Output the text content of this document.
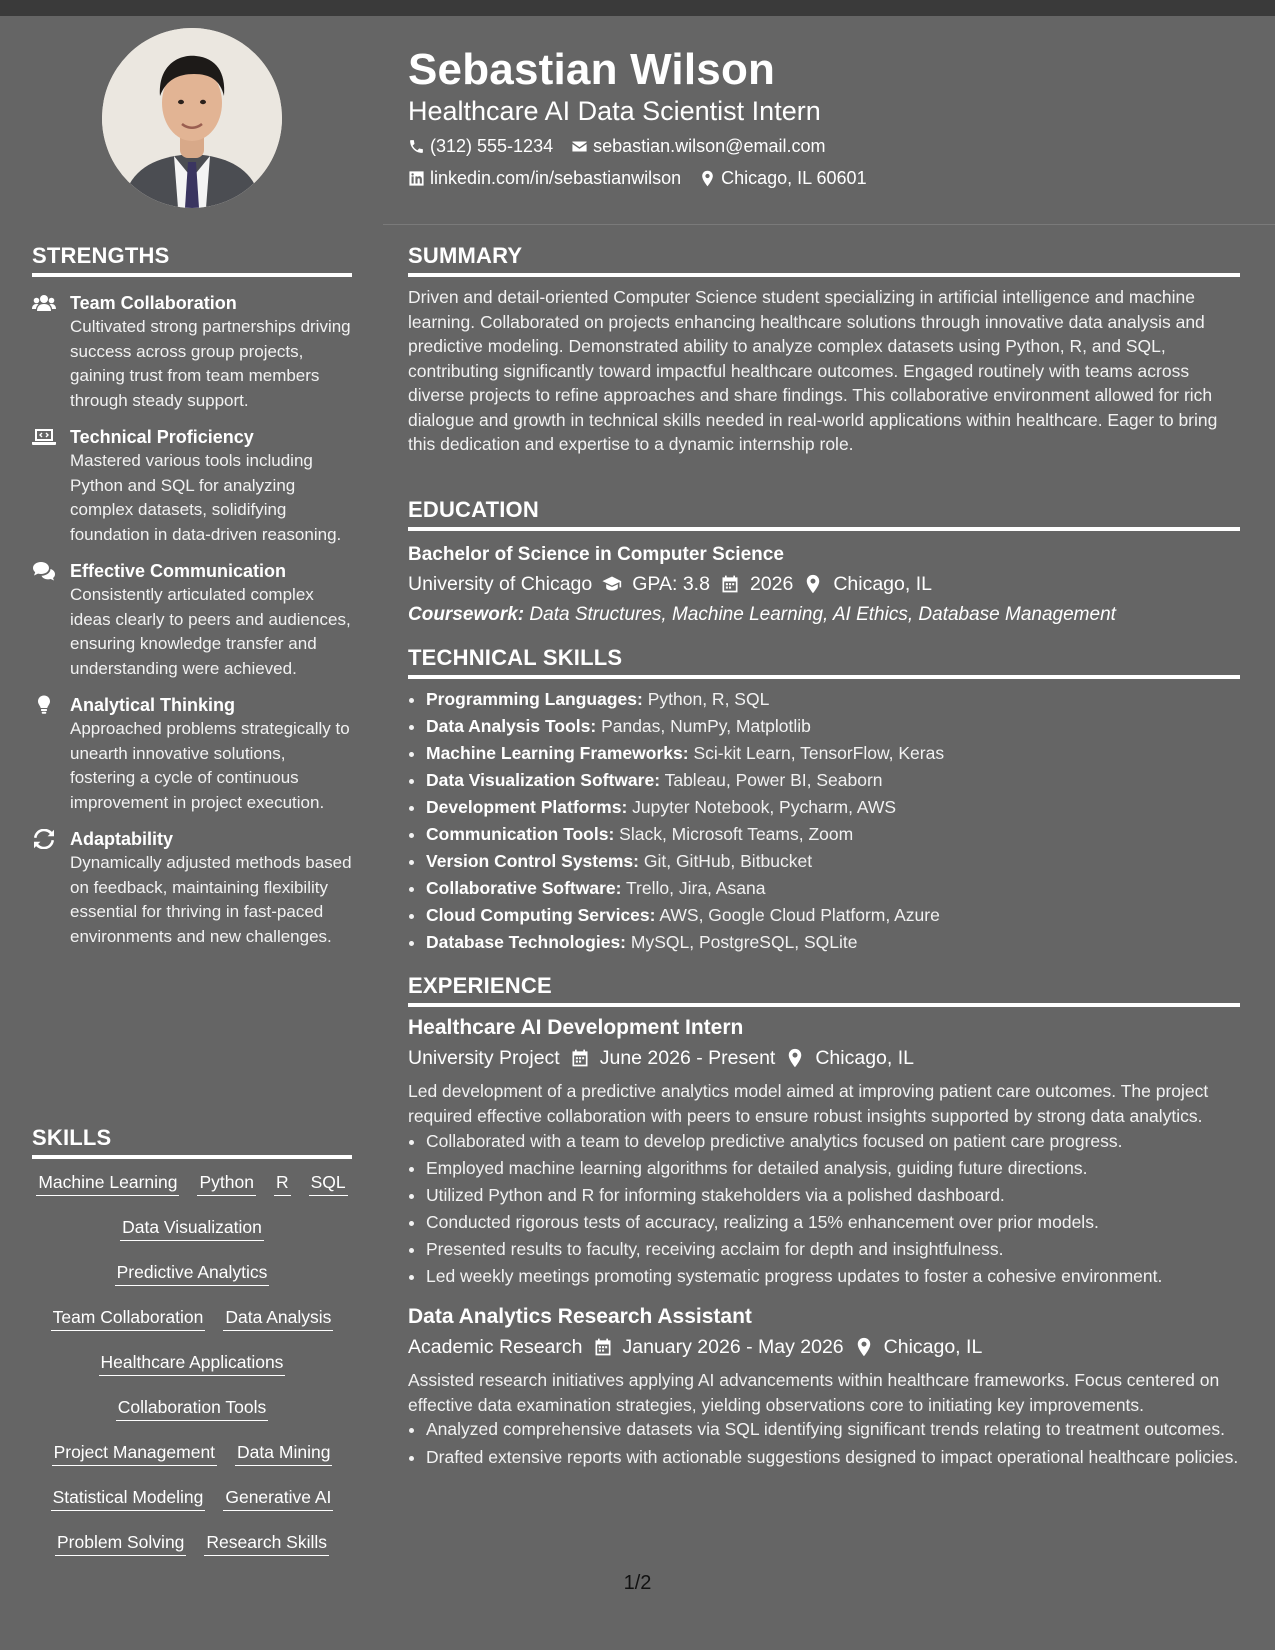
STRENGTHS
Team Collaboration
Cultivated strong partnerships driving success across group projects, gaining trust from team members through steady support.
Technical Proficiency
Mastered various tools including Python and SQL for analyzing complex datasets, solidifying foundation in data-driven reasoning.
Effective Communication
Consistently articulated complex ideas clearly to peers and audiences, ensuring knowledge transfer and understanding were achieved.
Analytical Thinking
Approached problems strategically to unearth innovative solutions, fostering a cycle of continuous improvement in project execution.
Adaptability
Dynamically adjusted methods based on feedback, maintaining flexibility essential for thriving in fast-paced environments and new challenges.
SKILLS
Machine Learning Python R SQL
Data Visualization
Predictive Analytics
Team Collaboration Data Analysis
Healthcare Applications
Collaboration Tools
Project Management Data Mining
Statistical Modeling Generative AI
Problem Solving Research Skills
Sebastian Wilson
Healthcare AI Data Scientist Intern
(312) 555-1234 sebastian.wilson@email.com
linkedin.com/in/sebastianwilson Chicago, IL 60601
SUMMARY

Driven and detail-oriented Computer Science student specializing in artificial intelligence and machine learning. Collaborated on projects enhancing healthcare solutions through innovative data analysis and predictive modeling. Demonstrated ability to analyze complex datasets using Python, R, and SQL, contributing significantly toward impactful healthcare outcomes. Engaged routinely with teams across diverse projects to refine approaches and share findings. This collaborative environment allowed for rich dialogue and growth in technical skills needed in real-world applications within healthcare. Eager to bring this dedication and expertise to a dynamic internship role.

EDUCATION
Bachelor of Science in Computer Science
University of Chicago GPA: 3.8 2026 Chicago, IL
Coursework: Data Structures, Machine Learning, AI Ethics, Database Management
TECHNICAL SKILLS
• Programming Languages: Python, R, SQL
• Data Analysis Tools: Pandas, NumPy, Matplotlib
• Machine Learning Frameworks: Sci-kit Learn, TensorFlow, Keras
• Data Visualization Software: Tableau, Power BI, Seaborn
• Development Platforms: Jupyter Notebook, Pycharm, AWS
• Communication Tools: Slack, Microsoft Teams, Zoom
• Version Control Systems: Git, GitHub, Bitbucket
• Collaborative Software: Trello, Jira, Asana
• Cloud Computing Services: AWS, Google Cloud Platform, Azure
• Database Technologies: MySQL, PostgreSQL, SQLite
EXPERIENCE
Healthcare AI Development Intern
University Project June 2026 - Present Chicago, IL

Led development of a predictive analytics model aimed at improving patient care outcomes. The project required effective collaboration with peers to ensure robust insights supported by strong data analytics.

• Collaborated with a team to develop predictive analytics focused on patient care progress.
• Employed machine learning algorithms for detailed analysis, guiding future directions.
• Utilized Python and R for informing stakeholders via a polished dashboard.
• Conducted rigorous tests of accuracy, realizing a 15% enhancement over prior models.
• Presented results to faculty, receiving acclaim for depth and insightfulness.
• Led weekly meetings promoting systematic progress updates to foster a cohesive environment.
Data Analytics Research Assistant
Academic Research January 2026 - May 2026 Chicago, IL

Assisted research initiatives applying AI advancements within healthcare frameworks. Focus centered on effective data examination strategies, yielding observations core to initiating key improvements.

• Analyzed comprehensive datasets via SQL identifying significant trends relating to treatment outcomes.
• Drafted extensive reports with actionable suggestions designed to impact operational healthcare policies.
1/2
